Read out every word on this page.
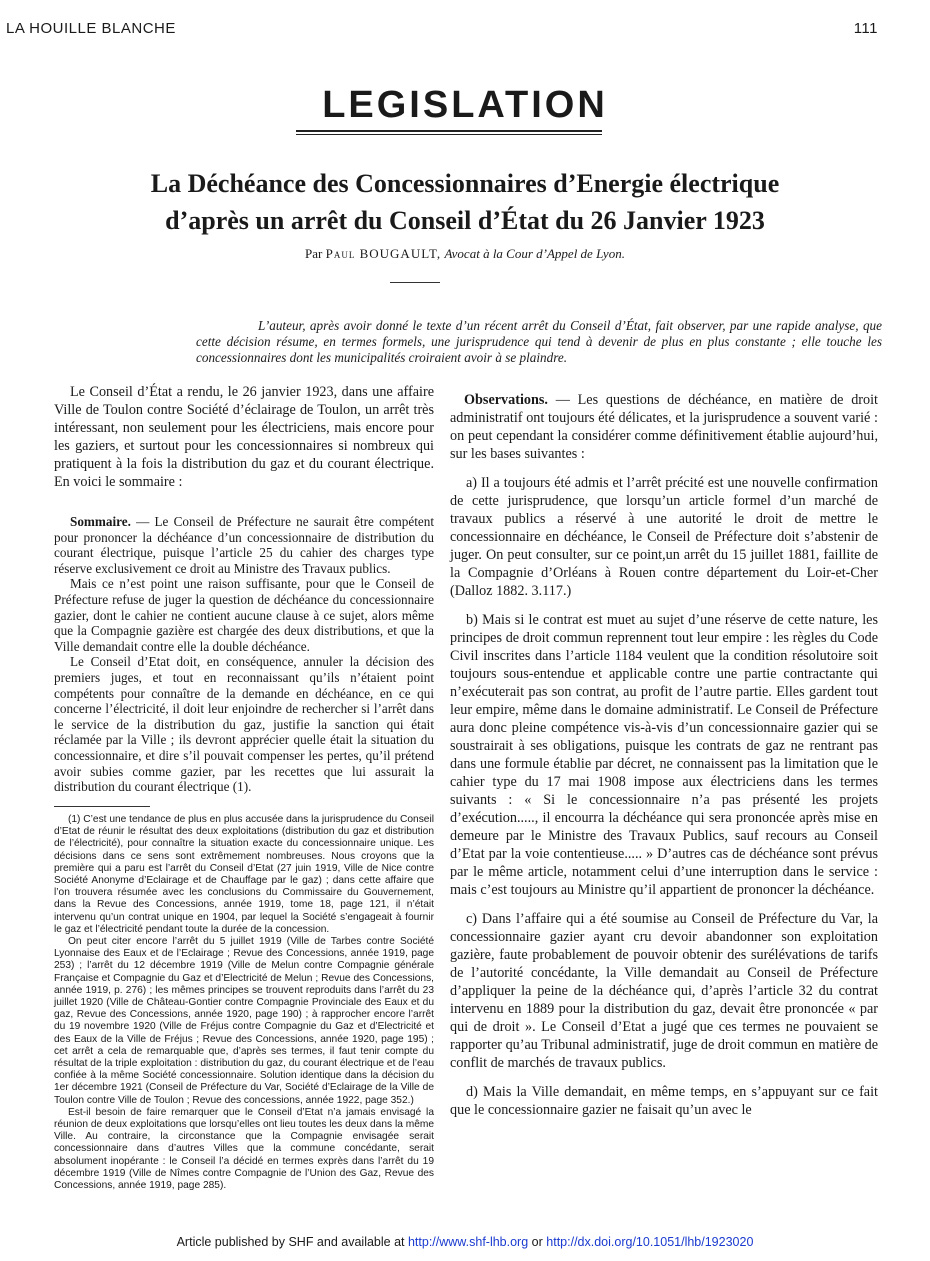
LA HOUILLE BLANCHE	111
LEGISLATION
La Déchéance des Concessionnaires d’Energie électrique
d’après un arrêt du Conseil d’État du 26 Janvier 1923
Par Paul BOUGAULT, Avocat à la Cour d’Appel de Lyon.
L’auteur, après avoir donné le texte d’un récent arrêt du Conseil d’État, fait observer, par une rapide analyse, que cette décision résume, en termes formels, une jurisprudence qui tend à devenir de plus en plus constante ; elle touche les concessionnaires dont les municipalités croiraient avoir à se plaindre.

Le Conseil d’État a rendu, le 26 janvier 1923, dans une affaire Ville de Toulon contre Société d’éclairage de Toulon, un arrêt très intéressant, non seulement pour les électriciens, mais encore pour les gaziers, et surtout pour les concessionnaires si nombreux qui pratiquent à la fois la distribution du gaz et du courant électrique. En voici le sommaire :

Sommaire. — Le Conseil de Préfecture ne saurait être compétent pour prononcer la déchéance d’un concessionnaire de distribution du courant électrique, puisque l’article 25 du cahier des charges type réserve exclusivement ce droit au Ministre des Travaux publics.

Mais ce n’est point une raison suffisante, pour que le Conseil de Préfecture refuse de juger la question de déchéance du concessionnaire gazier, dont le cahier ne contient aucune clause à ce sujet, alors même que la Compagnie gazière est chargée des deux distributions, et que la Ville demandait contre elle la double déchéance.

Le Conseil d’Etat doit, en conséquence, annuler la décision des premiers juges, et tout en reconnaissant qu’ils n’étaient point compétents pour connaître de la demande en déchéance, en ce qui concerne l’électricité, il doit leur enjoindre de rechercher si l’arrêt dans le service de la distribution du gaz, justifie la sanction qui était réclamée par la Ville ; ils devront apprécier quelle était la situation du concessionnaire, et dire s’il pouvait compenser les pertes, qu’il prétend avoir subies comme gazier, par les recettes que lui assurait la distribution du courant électrique (1).

(1) C’est une tendance de plus en plus accusée dans la jurisprudence du Conseil d’Etat de réunir le résultat des deux exploitations (distribution du gaz et distribution de l’électricité), pour connaître la situation exacte du concessionnaire unique. Les décisions dans ce sens sont extrêmement nombreuses. Nous croyons que la première qui a paru est l’arrêt du Conseil d’Etat (27 juin 1919, Ville de Nice contre Société Anonyme d’Eclairage et de Chauffage par le gaz) ; dans cette affaire que l’on trouvera résumée avec les conclusions du Commissaire du Gouvernement, dans la Revue des Concessions, année 1919, tome 18, page 121, il n’était intervenu qu’un contrat unique en 1904, par lequel la Société s’engageait à fournir le gaz et l’électricité pendant toute la durée de la concession.

On peut citer encore l’arrêt du 5 juillet 1919 (Ville de Tarbes contre Société Lyonnaise des Eaux et de l’Eclairage ; Revue des Concessions, année 1919, page 253) ; l’arrêt du 12 décembre 1919 (Ville de Melun contre Compagnie générale Française et Compagnie du Gaz et d’Electricité de Melun ; Revue des Concessions, année 1919, p. 276) ; les mêmes principes se trouvent reproduits dans l’arrêt du 23 juillet 1920 (Ville de Château-Gontier contre Compagnie Provinciale des Eaux et du gaz, Revue des Concessions, année 1920, page 190) ; à rapprocher encore l’arrêt du 19 novembre 1920 (Ville de Fréjus contre Compagnie du Gaz et d’Electricité et des Eaux de la Ville de Fréjus ; Revue des Concessions, année 1920, page 195) ; cet arrêt a cela de remarquable que, d’après ses termes, il faut tenir compte du résultat de la triple exploitation : distribution du gaz, du courant électrique et de l’eau confiée à la même Société concessionnaire. Solution identique dans la décision du 1er décembre 1921 (Conseil de Préfecture du Var, Société d’Eclairage de la Ville de Toulon contre Ville de Toulon ; Revue des concessions, année 1922, page 352.)

Est-il besoin de faire remarquer que le Conseil d’Etat n’a jamais envisagé la réunion de deux exploitations que lorsqu’elles ont lieu toutes les deux dans la même Ville. Au contraire, la circonstance que la Compagnie envisagée serait concessionnaire dans d’autres Villes que la commune concédante, serait absolument inopérante : le Conseil l’a décidé en termes exprès dans l’arrêt du 19 décembre 1919 (Ville de Nîmes contre Compagnie de l’Union des Gaz, Revue des Concessions, année 1919, page 285).

Observations. — Les questions de déchéance, en matière de droit administratif ont toujours été délicates, et la jurisprudence a souvent varié : on peut cependant la considérer comme définitivement établie aujourd’hui, sur les bases suivantes :

a) Il a toujours été admis et l’arrêt précité est une nouvelle confirmation de cette jurisprudence, que lorsqu’un article formel d’un marché de travaux publics a réservé à une autorité le droit de mettre le concessionnaire en déchéance, le Conseil de Préfecture doit s’abstenir de juger. On peut consulter, sur ce point,un arrêt du 15 juillet 1881, faillite de la Compagnie d’Orléans à Rouen contre département du Loir-et-Cher (Dalloz 1882. 3.117.)

b) Mais si le contrat est muet au sujet d’une réserve de cette nature, les principes de droit commun reprennent tout leur empire : les règles du Code Civil inscrites dans l’article 1184 veulent que la condition résolutoire soit toujours sous-entendue et applicable contre une partie contractante qui n’exécuterait pas son contrat, au profit de l’autre partie. Elles gardent tout leur empire, même dans le domaine administratif. Le Conseil de Préfecture aura donc pleine compétence vis-à-vis d’un concessionnaire gazier qui se soustrairait à ses obligations, puisque les contrats de gaz ne rentrant pas dans une formule établie par décret, ne connaissent pas la limitation que le cahier type du 17 mai 1908 impose aux électriciens dans les termes suivants : « Si le concessionnaire n’a pas présenté les projets d’exécution....., il encourra la déchéance qui sera prononcée après mise en demeure par le Ministre des Travaux Publics, sauf recours au Conseil d’Etat par la voie contentieuse..... » D’autres cas de déchéance sont prévus par le même article, notamment celui d’une interruption dans le service : mais c’est toujours au Ministre qu’il appartient de prononcer la déchéance.

c) Dans l’affaire qui a été soumise au Conseil de Préfecture du Var, la concessionnaire gazier ayant cru devoir abandonner son exploitation gazière, faute probablement de pouvoir obtenir des surélévations de tarifs de l’autorité concédante, la Ville demandait au Conseil de Préfecture d’appliquer la peine de la déchéance qui, d’après l’article 32 du contrat intervenu en 1889 pour la distribution du gaz, devait être prononcée « par qui de droit ». Le Conseil d’Etat a jugé que ces termes ne pouvaient se rapporter qu’au Tribunal administratif, juge de droit commun en matière de conflit de marchés de travaux publics.

d) Mais la Ville demandait, en même temps, en s’appuyant sur ce fait que le concessionnaire gazier ne faisait qu’un avec le

Article published by SHF and available at http://www.shf-lhb.org or http://dx.doi.org/10.1051/lhb/1923020
